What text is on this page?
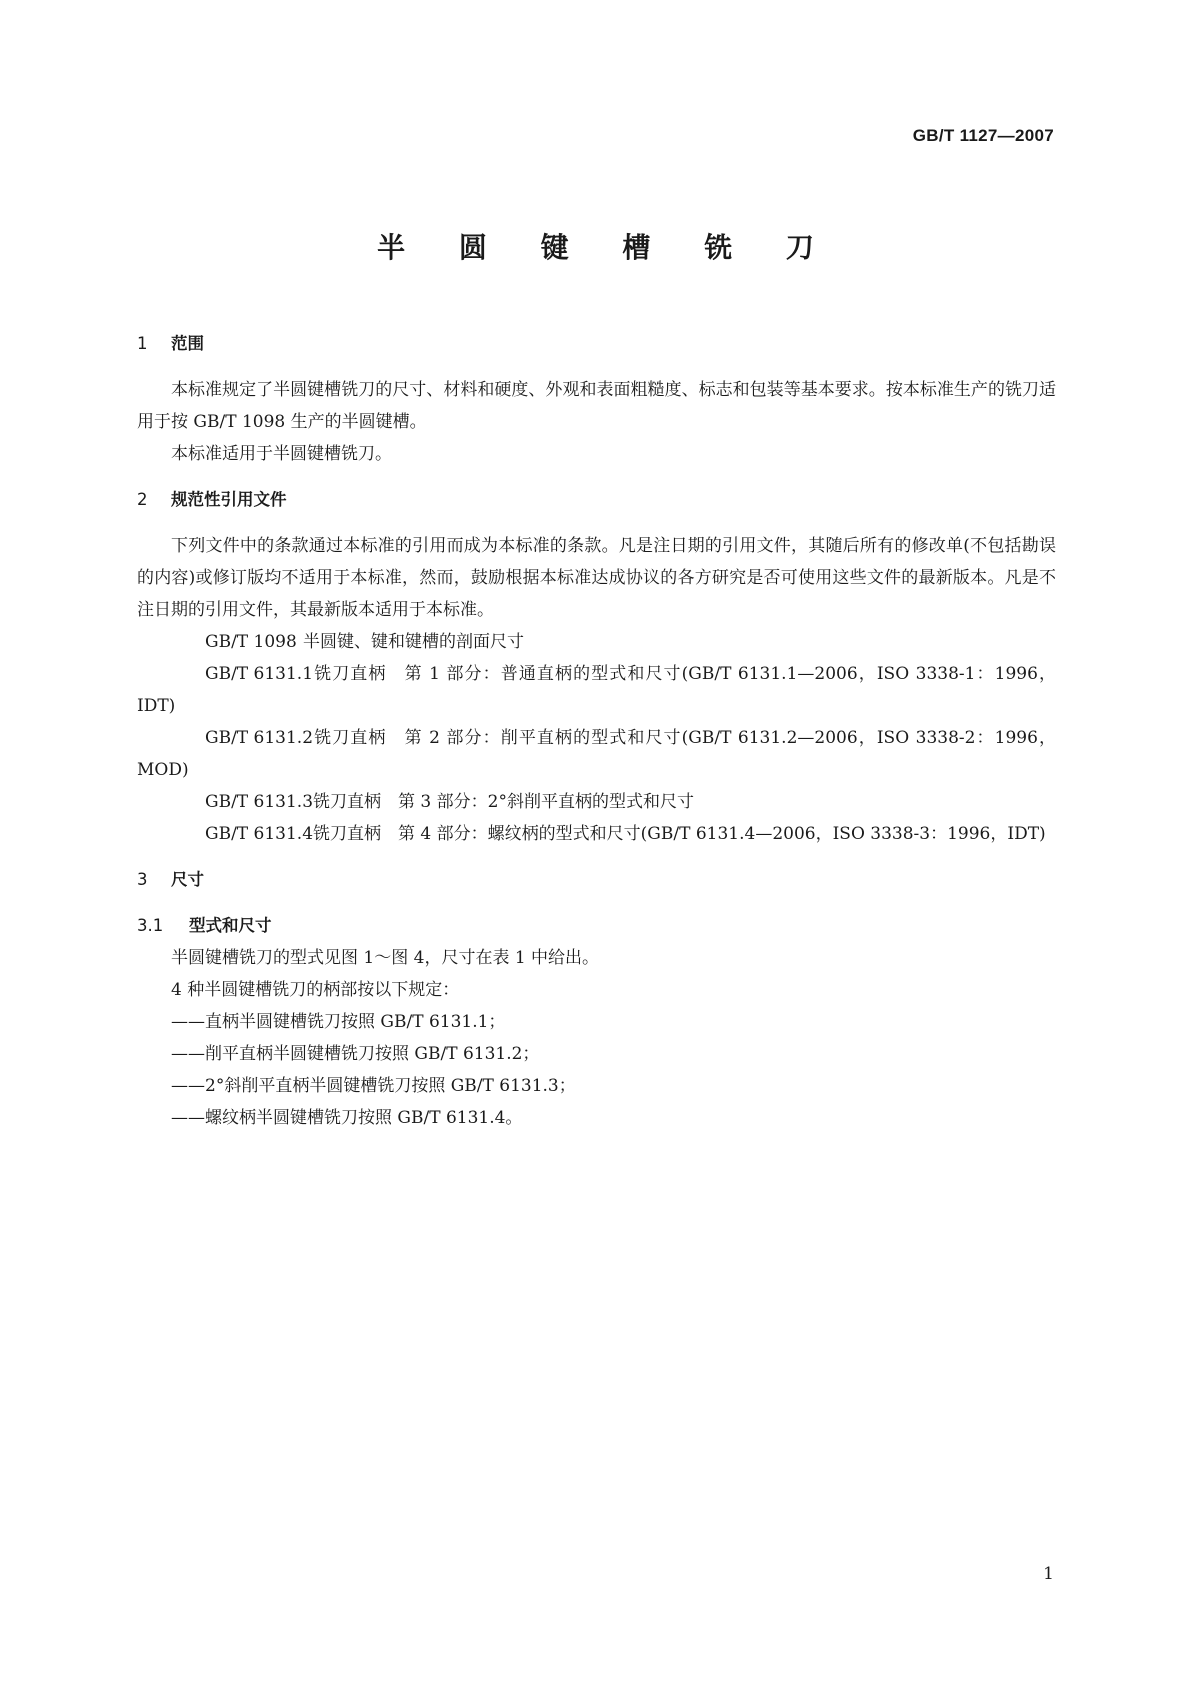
GB/T 1127—2007
半 圆 键 槽 铣 刀
1 范围

本标准规定了半圆键槽铣刀的尺寸、材料和硬度、外观和表面粗糙度、标志和包装等基本要求。按本标准生产的铣刀适用于按 GB/T 1098 生产的半圆键槽。

本标准适用于半圆键槽铣刀。

2 规范性引用文件

下列文件中的条款通过本标准的引用而成为本标准的条款。凡是注日期的引用文件，其随后所有的修改单(不包括勘误的内容)或修订版均不适用于本标准，然而，鼓励根据本标准达成协议的各方研究是否可使用这些文件的最新版本。凡是不注日期的引用文件，其最新版本适用于本标准。

GB/T 1098 半圆键、键和键槽的剖面尺寸

GB/T 6131.1铣刀直柄　第 1 部分：普通直柄的型式和尺寸(GB/T 6131.1—2006，ISO 3338-1：1996，IDT)

GB/T 6131.2铣刀直柄　第 2 部分：削平直柄的型式和尺寸(GB/T 6131.2—2006，ISO 3338-2：1996，MOD)

GB/T 6131.3铣刀直柄　第 3 部分：2°斜削平直柄的型式和尺寸

GB/T 6131.4铣刀直柄　第 4 部分：螺纹柄的型式和尺寸(GB/T 6131.4—2006，ISO 3338-3：1996，IDT)

3 尺寸
3.1 型式和尺寸

半圆键槽铣刀的型式见图 1～图 4，尺寸在表 1 中给出。

4 种半圆键槽铣刀的柄部按以下规定：

——直柄半圆键槽铣刀按照 GB/T 6131.1；

——削平直柄半圆键槽铣刀按照 GB/T 6131.2；

——2°斜削平直柄半圆键槽铣刀按照 GB/T 6131.3；

——螺纹柄半圆键槽铣刀按照 GB/T 6131.4。

1
